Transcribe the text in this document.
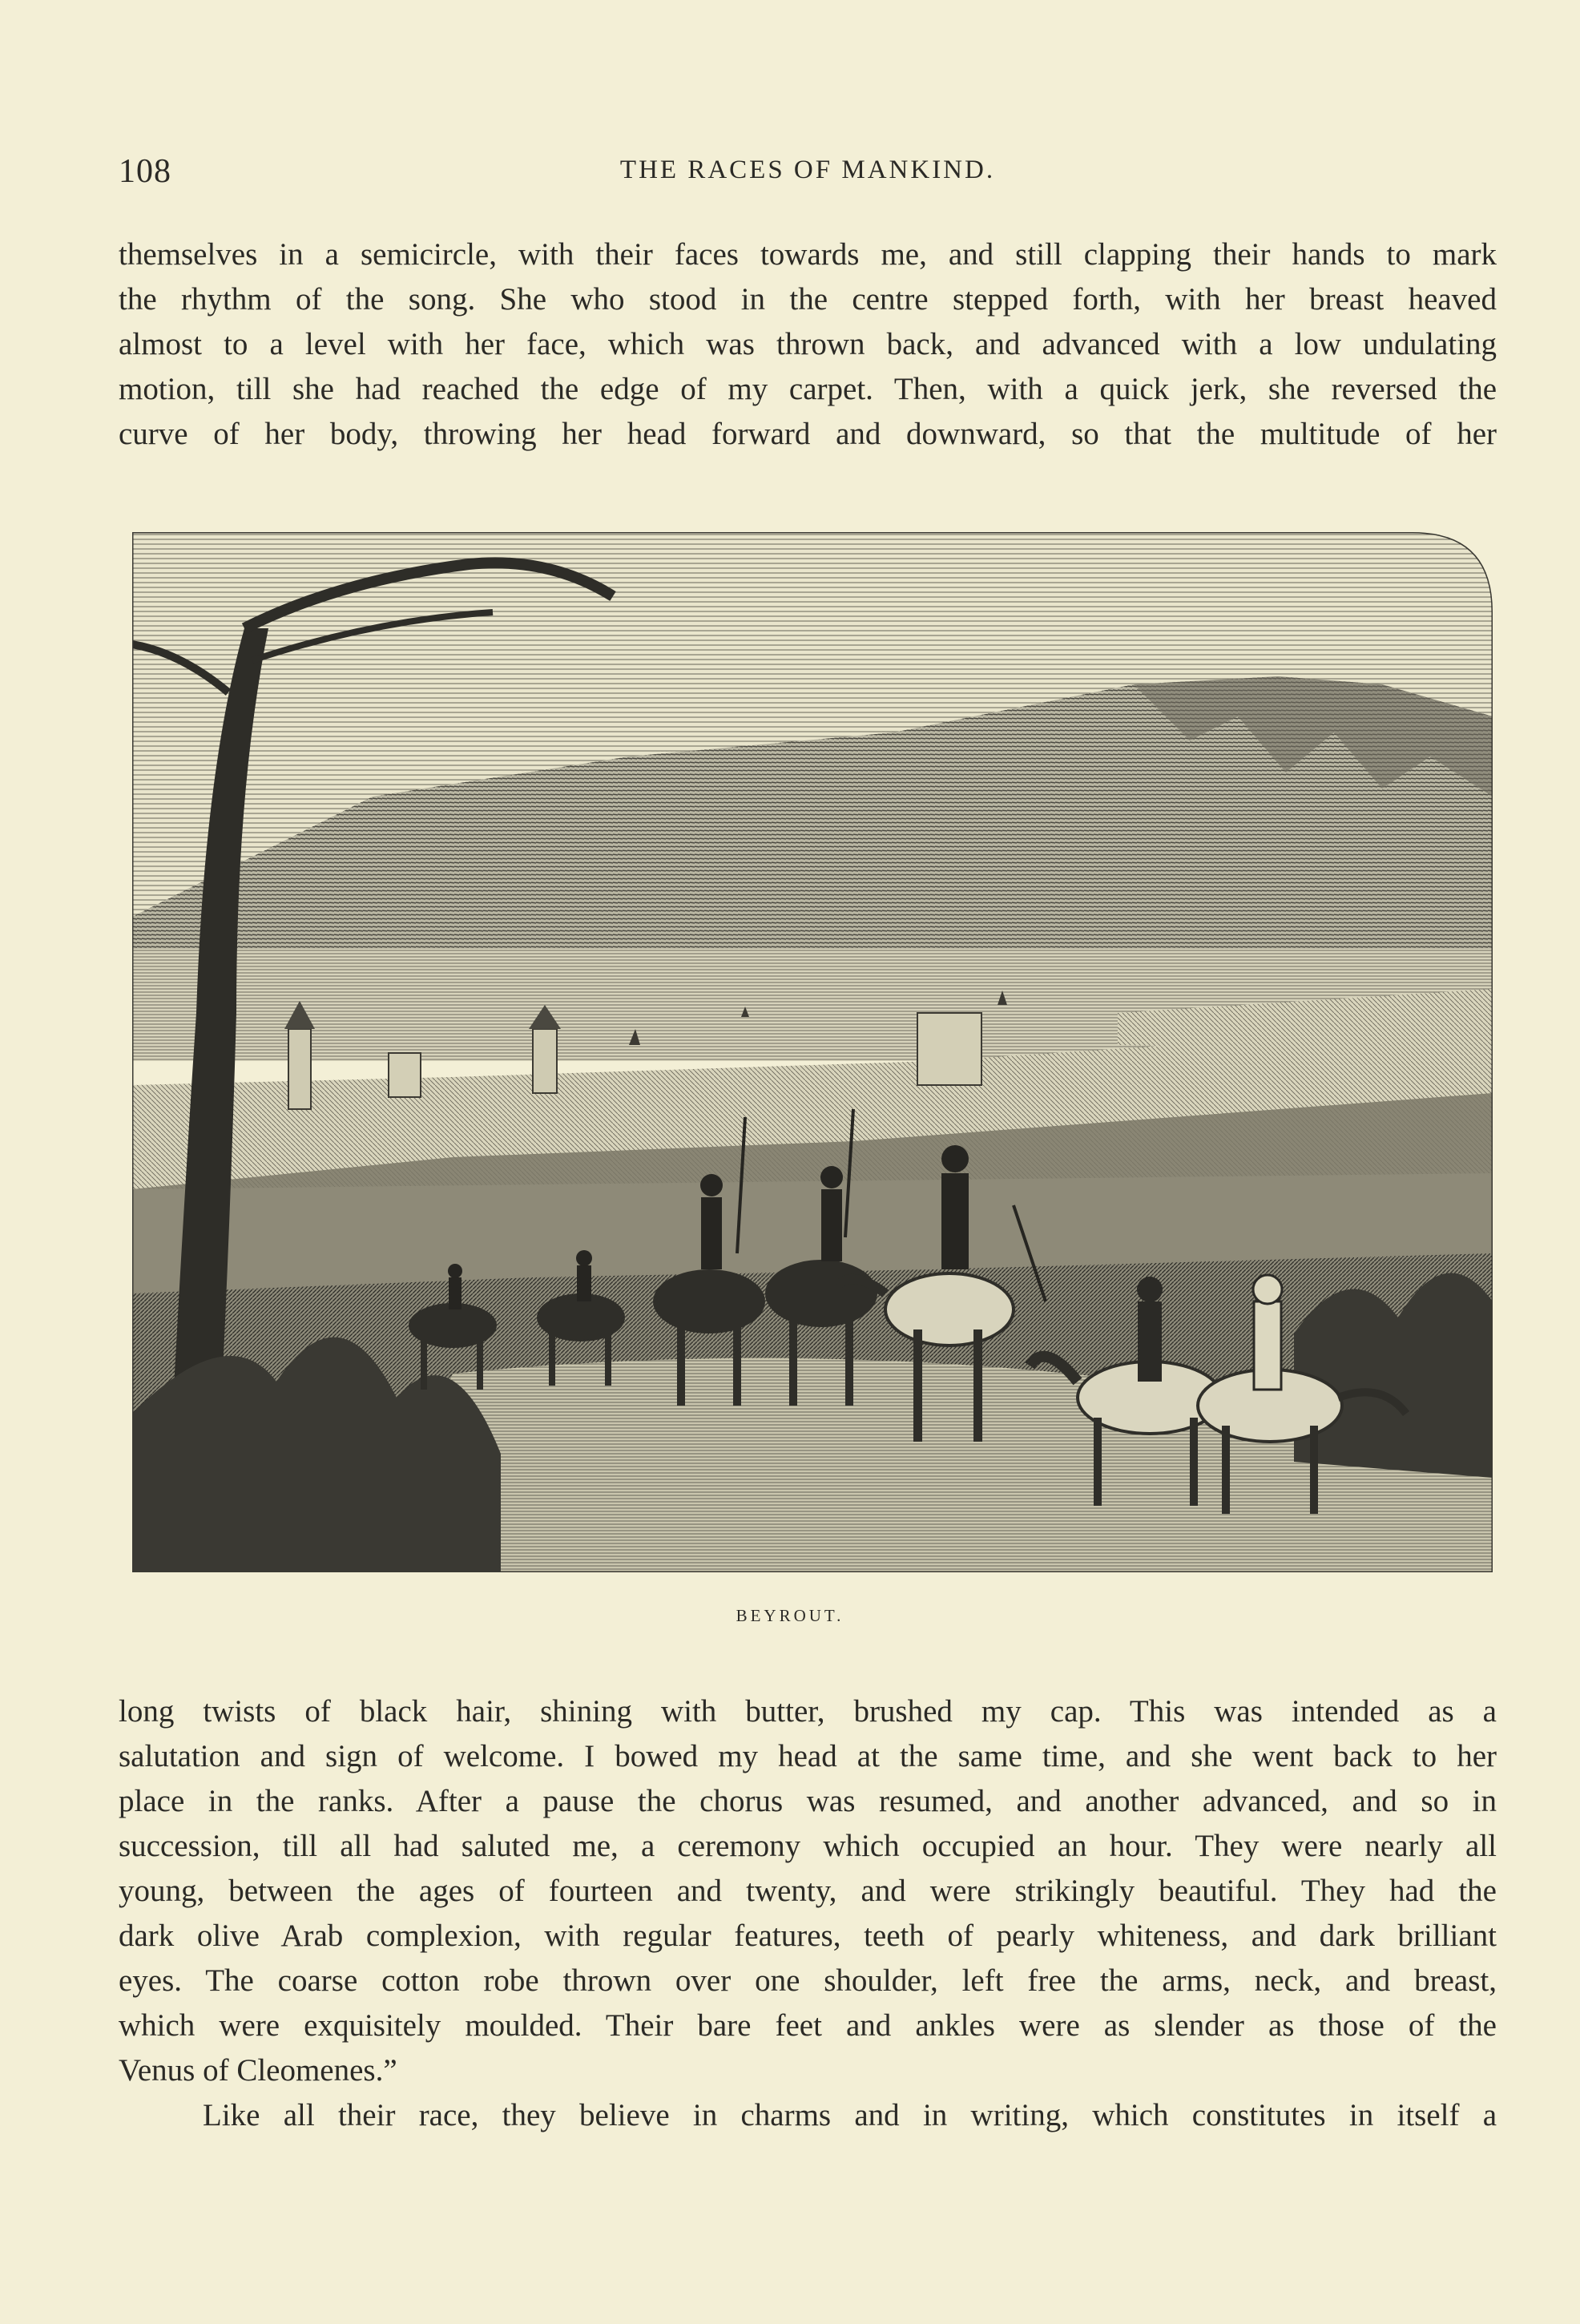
108	THE RACES OF MANKIND.

themselves in a semicircle, with their faces towards me, and still clapping their hands to mark
the rhythm of the song. She who stood in the centre stepped forth, with her breast heaved
almost to a level with her face, which was thrown back, and advanced with a low undulating
motion, till she had reached the edge of my carpet. Then, with a quick jerk, she reversed the
curve of her body, throwing her head forward and downward, so that the multitude of her

BEYROUT.

long twists of black hair, shining with butter, brushed my cap. This was intended as a
salutation and sign of welcome. I bowed my head at the same time, and she went back to her
place in the ranks. After a pause the chorus was resumed, and another advanced, and so in
succession, till all had saluted me, a ceremony which occupied an hour. They were nearly all
young, between the ages of fourteen and twenty, and were strikingly beautiful. They had the
dark olive Arab complexion, with regular features, teeth of pearly whiteness, and dark brilliant
eyes. The coarse cotton robe thrown over one shoulder, left free the arms, neck, and breast,
which were exquisitely moulded. Their bare feet and ankles were as slender as those of the
Venus of Cleomenes.”

Like all their race, they believe in charms and in writing, which constitutes in itself a
